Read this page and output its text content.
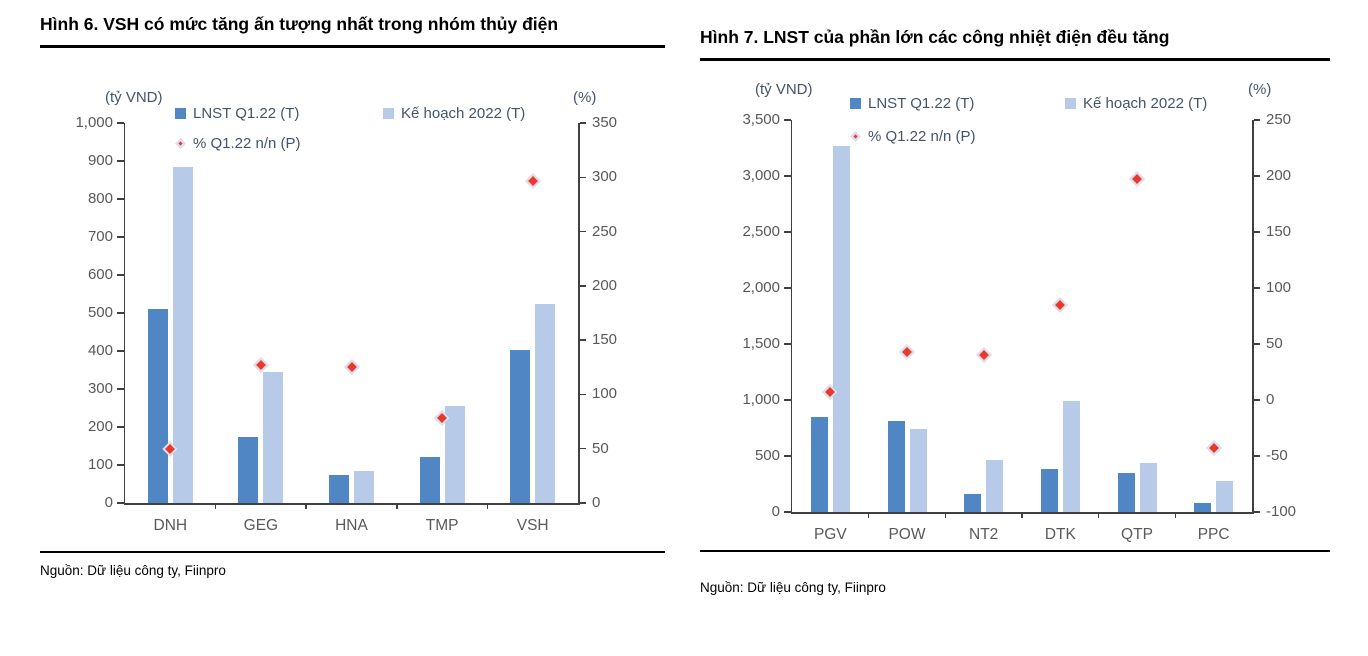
Hình 6. VSH có mức tăng ấn tượng nhất trong nhóm thủy điện
(tỷ VND)	(%)
LNST Q1.22 (T)	Kế hoạch 2022 (T)
% Q1.22 n/n (P)
0
100
200
300
400
500
600
700
800
900
1,000
0
50
100
150
200
250
300
350
DNH	GEG	HNA	TMP	VSH
Nguồn: Dữ liệu công ty, Fiinpro
Hình 7. LNST của phần lớn các công nhiệt điện đều tăng
(tỷ VND)	(%)
LNST Q1.22 (T)	Kế hoạch 2022 (T)
% Q1.22 n/n (P)
0
500
1,000
1,500
2,000
2,500
3,000
3,500
-100
-50
0
50
100
150
200
250
PGV	POW	NT2	DTK	QTP	PPC
Nguồn: Dữ liệu công ty, Fiinpro
